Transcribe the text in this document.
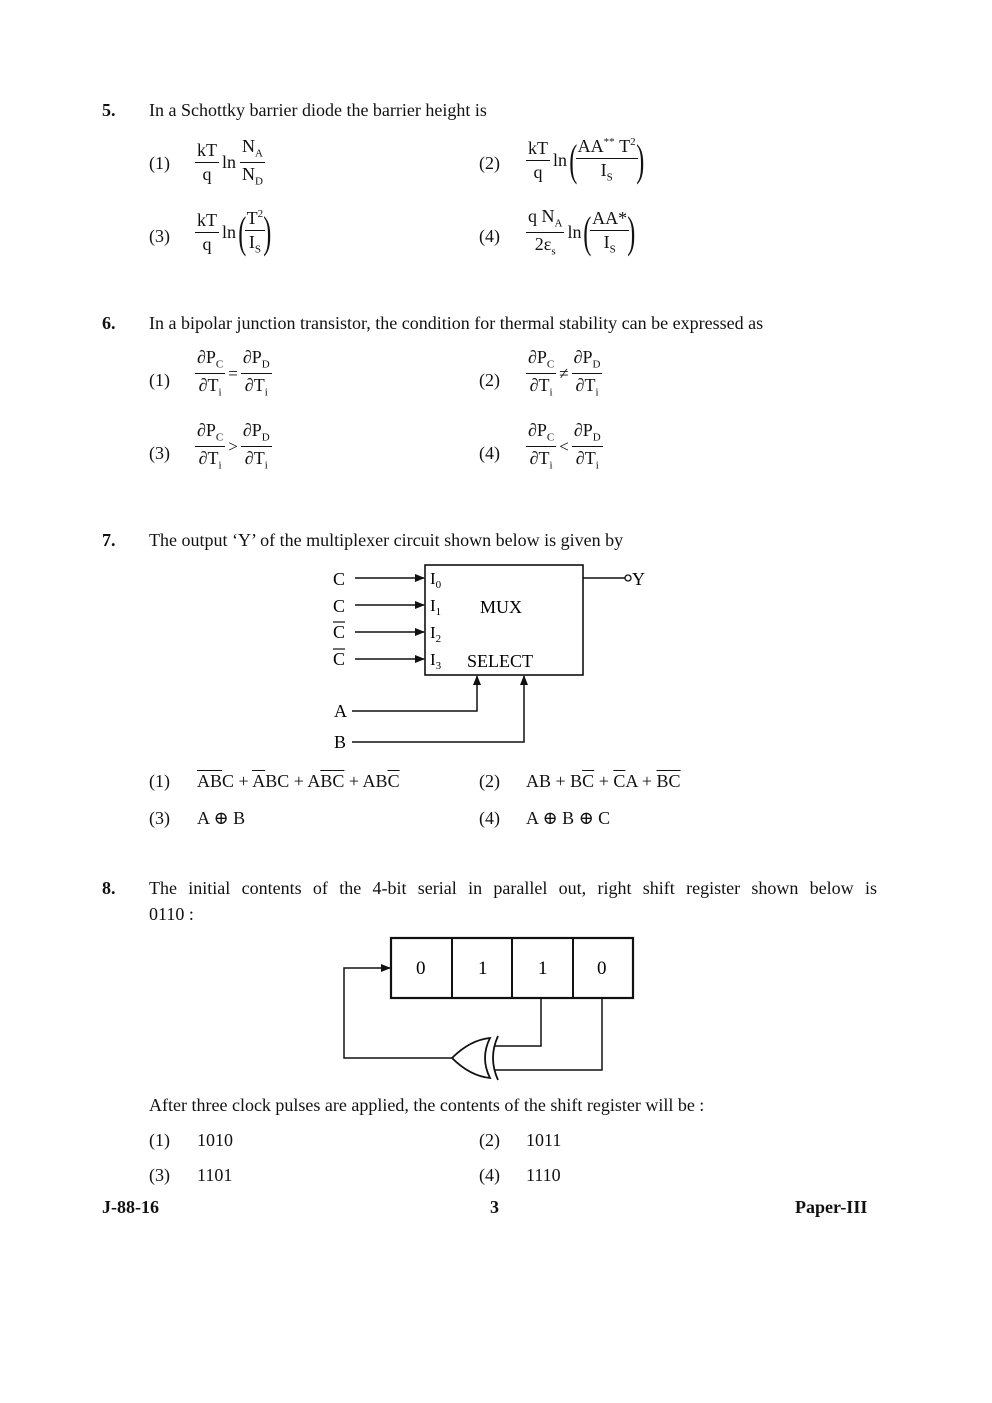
5. In a Schottky barrier diode the barrier height is
(1)
kT
q
ln
$N_A$
$N_D$
(2)
kT
q
ln ( AA** $T^2$
$I_S$ )
(3)
kT
q
ln ( $T^2$
$I_S$ )	(4)
q $N_A$
$2\varepsilon_s$
ln ( AA*
$I_S$ )
6. In a bipolar junction transistor, the condition for thermal stability can be expressed as
$(1) \frac{\partial P_C}{\partial T_i} = \frac{\partial P_D}{\partial T_i}$	(2)
$\partial P_C$
$\partial T_i$
≠
$\partial P_D$
$\partial T_i$
(3)
$\partial P_C$
$\partial T_i$
>
$\partial P_D$
$\partial T_i$
(4)
$\partial P_C$
$\partial T_i$
<
$\partial P_D$
$\partial T_i$
7. The output ‘Y’ of the multiplexer circuit shown below is given by
MUX
SELECT
C
C
C
C
$I_0$
$I_1$
$I_2$
$I_3$
Y
A
B
(1) $\overline{A}\overline{B}C + \overline{A}BC + A\overline{B}\overline{C} + AB\overline{C}$	(2) AB + $B\overline{C} + \overline{C}A + \overline{B}\overline{C}$
(3) A ⊕ B	(4) A ⊕ B ⊕ C
8. The initial contents of the 4-bit serial in parallel out, right shift register shown below is
0110 :
0	1	1	0
After three clock pulses are applied, the contents of the shift register will be :
(1) 1010	(2) 1011
(3) 1101	(4) 1110
J-88-16	3	Paper-III
